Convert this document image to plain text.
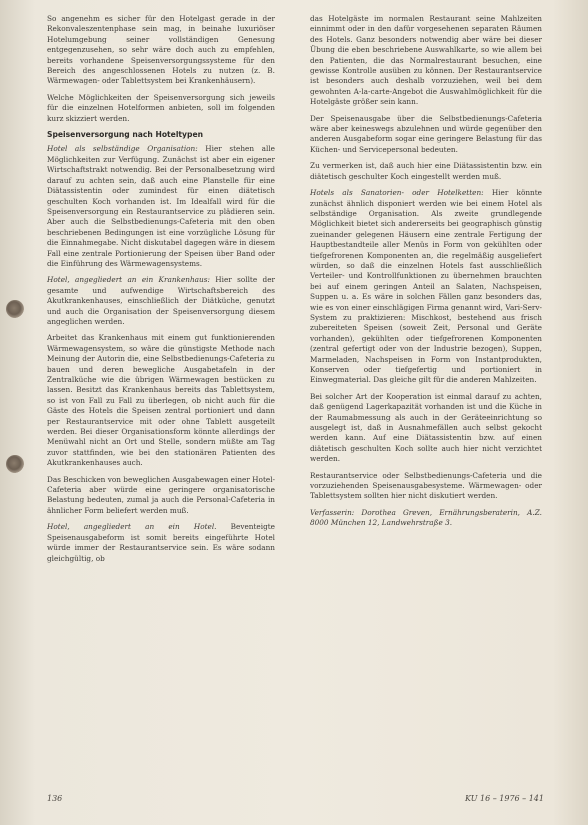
So angenehm es sicher für den Hotelgast gerade in der Rekonvaleszentenphase sein mag, in beinahe luxuriöser Hotelumgebung seiner vollständigen Genesung entgegenzusehen, so sehr wäre doch auch zu empfehlen, bereits vorhandene Speisenversorgungssysteme für den Bereich des angeschlossenen Hotels zu nutzen (z. B. Wärmewagen- oder Tablettsystem bei Krankenhäusern).

Welche Möglichkeiten der Speisenversorgung sich jeweils für die einzelnen Hotelformen anbieten, soll im folgenden kurz skizziert werden.

Speisenversorgung nach Hoteltypen

Hotel als selbständige Organisation: Hier stehen alle Möglichkeiten zur Verfügung. Zunächst ist aber ein eigener Wirtschaftstrakt notwendig. Bei der Personalbesetzung wird darauf zu achten sein, daß auch eine Planstelle für eine Diätassistentin oder zumindest für einen diätetisch geschulten Koch vorhanden ist. Im Idealfall wird für die Speisenversorgung ein Restaurantservice zu plädieren sein. Aber auch die Selbstbedienungs-Cafeteria mit den oben beschriebenen Bedingungen ist eine vorzügliche Lösung für die Einnahmegabe. Nicht diskutabel dagegen wäre in diesem Fall eine zentrale Portionierung der Speisen über Band oder die Einführung des Wärmewagensystems.

Hotel, angegliedert an ein Krankenhaus: Hier sollte der gesamte und aufwendige Wirtschaftsbereich des Akutkrankenhauses, einschließlich der Diätküche, genutzt und auch die Organisation der Speisenversorgung diesem angeglichen werden.

Arbeitet das Krankenhaus mit einem gut funktionierenden Wärmewagensystem, so wäre die günstigste Methode nach Meinung der Autorin die, eine Selbstbedienungs-Cafeteria zu bauen und deren bewegliche Ausgabetafeln in der Zentralküche wie die übrigen Wärmewagen bestücken zu lassen. Besitzt das Krankenhaus bereits das Tablettsystem, so ist von Fall zu Fall zu überlegen, ob nicht auch für die Gäste des Hotels die Speisen zentral portioniert und dann per Restaurantservice mit oder ohne Tablett ausgeteilt werden. Bei dieser Organisationsform könnte allerdings der Menüwahl nicht an Ort und Stelle, sondern müßte am Tag zuvor stattfinden, wie bei den stationären Patienten des Akutkrankenhauses auch.

Das Beschicken von beweglichen Ausgabewagen einer Hotel-Cafeteria aber würde eine geringere organisatorische Belastung bedeuten, zumal ja auch die Personal-Cafeteria in ähnlicher Form beliefert werden muß.

Hotel, angegliedert an ein Hotel. Beventeigte Speisenausgabeform ist somit bereits eingeführte Hotel würde immer der Restaurantservice sein. Es wäre sodann gleichgültig, ob

das Hotelgäste im normalen Restaurant seine Mahlzeiten einnimmt oder in den dafür vorgesehenen separaten Räumen des Hotels. Ganz besonders notwendig aber wäre bei dieser Übung die eben beschriebene Auswahlkarte, so wie allem bei den Patienten, die das Normalrestaurant besuchen, eine gewisse Kontrolle ausüben zu können. Der Restaurantservice ist besonders auch deshalb vorzuziehen, weil bei dem gewohnten A-la-carte-Angebot die Auswahlmöglichkeit für die Hotelgäste größer sein kann.

Der Speisenausgabe über die Selbstbedienungs-Cafeteria wäre aber keineswegs abzulehnen und würde gegenüber den anderen Ausgabeform sogar eine geringere Belastung für das Küchen- und Servicepersonal bedeuten.

Zu vermerken ist, daß auch hier eine Diätassistentin bzw. ein diätetisch geschulter Koch eingestellt werden muß.

Hotels als Sanatorien- oder Hotelketten: Hier könnte zunächst ähnlich disponiert werden wie bei einem Hotel als selbständige Organisation. Als zweite grundlegende Möglichkeit bietet sich andererseits bei geographisch günstig zueinander gelegenen Häusern eine zentrale Fertigung der Hauptbestandteile aller Menüs in Form von gekühlten oder tiefgefrorenen Komponenten an, die regelmäßig ausgeliefert würden, so daß die einzelnen Hotels fast ausschließlich Verteiler- und Kontrollfunktionen zu übernehmen brauchten bei auf einem geringen Anteil an Salaten, Nachspeisen, Suppen u. a. Es wäre in solchen Fällen ganz besonders das, wie es von einer einschlägigen Firma genannt wird, Vari-Serv-System zu praktizieren: Mischkost, bestehend aus frisch zubereiteten Speisen (soweit Zeit, Personal und Geräte vorhanden), gekühlten oder tiefgefrorenen Komponenten (zentral gefertigt oder von der Industrie bezogen), Suppen, Marmeladen, Nachspeisen in Form von Instantprodukten, Konserven oder tiefgefertig und portioniert in Einwegmaterial. Das gleiche gilt für die anderen Mahlzeiten.

Bei solcher Art der Kooperation ist einmal darauf zu achten, daß genügend Lagerkapazität vorhanden ist und die Küche in der Raumabmessung als auch in der Geräteeinrichtung so ausgelegt ist, daß in Ausnahmefällen auch selbst gekocht werden kann. Auf eine Diätassistentin bzw. auf einen diätetisch geschulten Koch sollte auch hier nicht verzichtet werden.

Restaurantservice oder Selbstbedienungs-Cafeteria und die vorzuziehenden Speisenausgabesysteme. Wärmewagen- oder Tablettsystem sollten hier nicht diskutiert werden.

Verfasserin: Dorothea Greven, Ernährungsberaterin, A.Z. 8000 München 12, Landwehrstraße 3.

136	KU 16 – 1976 – 141
